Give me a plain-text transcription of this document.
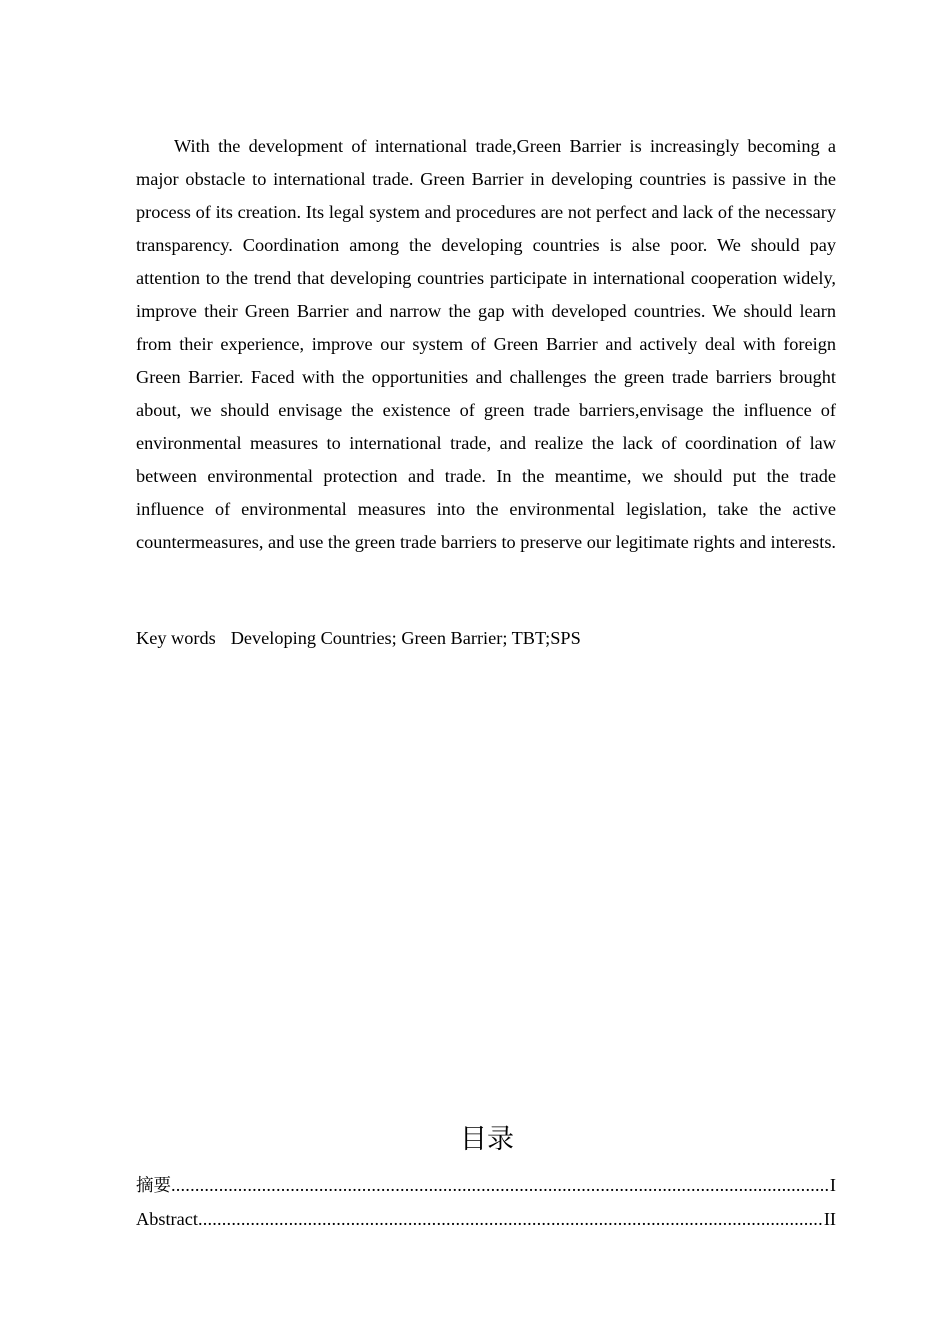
With the development of international trade,Green Barrier is increasingly becoming a major obstacle to international trade. Green Barrier in developing countries is passive in the process of its creation. Its legal system and procedures are not perfect and lack of the necessary transparency. Coordination among the developing countries is alse poor. We should pay attention to the trend that developing countries participate in international cooperation widely, improve their Green Barrier and narrow the gap with developed countries. We should learn from their experience, improve our system of Green Barrier and actively deal with foreign Green Barrier. Faced with the opportunities and challenges the green trade barriers brought about, we should envisage the existence of green trade barriers,envisage the influence of environmental measures to international trade, and realize the lack of coordination of law between environmental protection and trade. In the meantime, we should put the trade influence of environmental measures into the environmental legislation, take the active countermeasures, and use the green trade barriers to preserve our legitimate rights and interests.

Key words Developing Countries; Green Barrier; TBT;SPS
目录
摘要 .....	I
Abstract .....	II
